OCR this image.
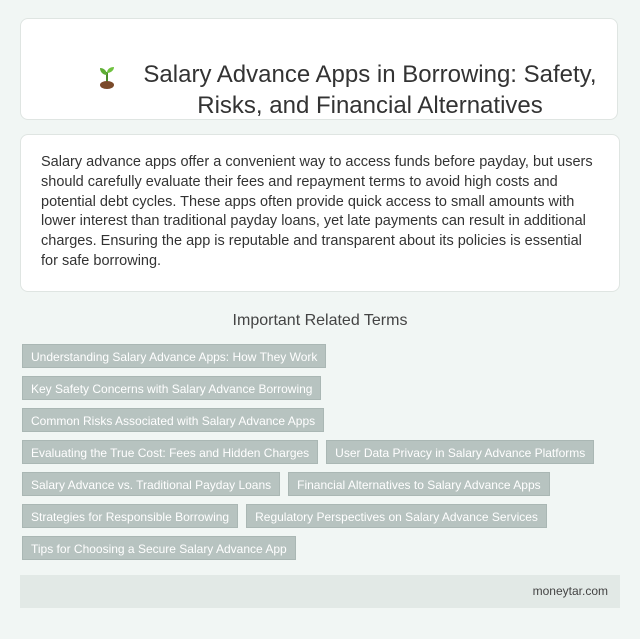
Salary Advance Apps in Borrowing: Safety, Risks, and Financial Alternatives

Salary advance apps offer a convenient way to access funds before payday, but users should carefully evaluate their fees and repayment terms to avoid high costs and potential debt cycles. These apps often provide quick access to small amounts with lower interest than traditional payday loans, yet late payments can result in additional charges. Ensuring the app is reputable and transparent about its policies is essential for safe borrowing.

Important Related Terms
Understanding Salary Advance Apps: How They Work
Key Safety Concerns with Salary Advance Borrowing
Common Risks Associated with Salary Advance Apps
Evaluating the True Cost: Fees and Hidden Charges	User Data Privacy in Salary Advance Platforms
Salary Advance vs. Traditional Payday Loans	Financial Alternatives to Salary Advance Apps
Strategies for Responsible Borrowing	Regulatory Perspectives on Salary Advance Services
Tips for Choosing a Secure Salary Advance App
moneytar.com
